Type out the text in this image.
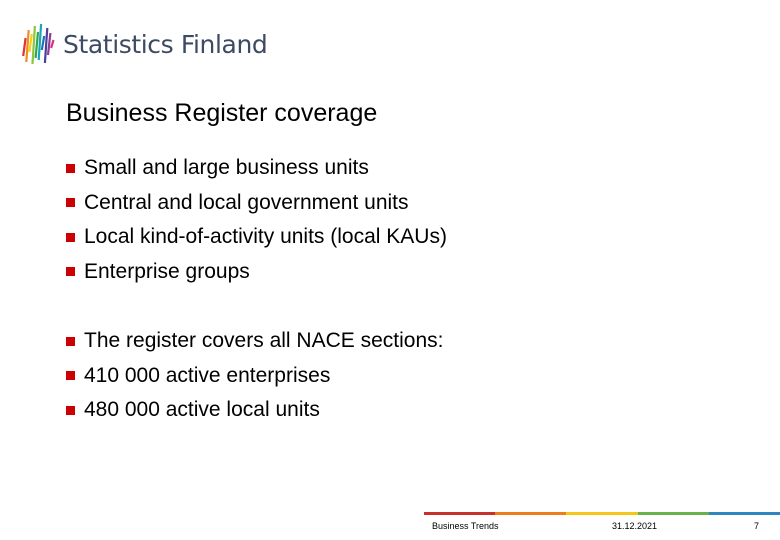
Statistics Finland
Business Register coverage
Small and large business units
Central and local government units
Local kind-of-activity units (local KAUs)
Enterprise groups
The register covers all NACE sections:
410 000 active enterprises
480 000 active local units
Business Trends	31.12.2021	7
